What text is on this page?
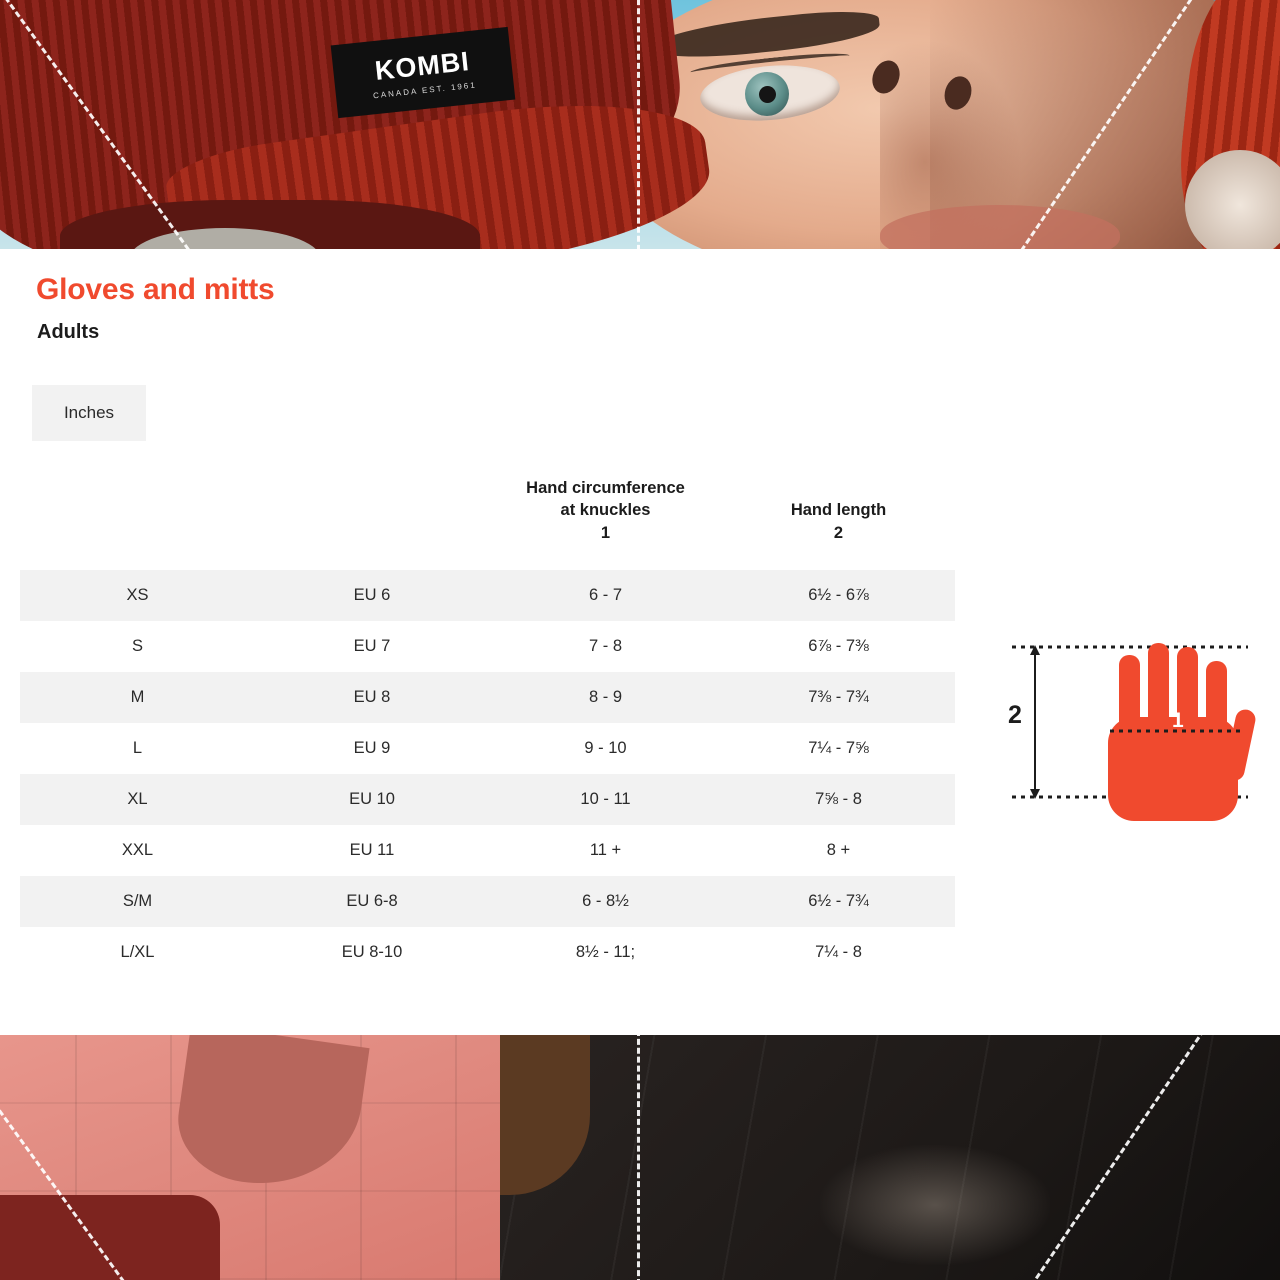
KOMBI
CANADA EST. 1961
Gloves and mitts
Adults
Inches

Hand circumference
at knuckles
1

Hand length
2

XS	EU 6	6 - 7	6½ - 6⅞
S	EU 7	7 - 8	6⅞ - 7⅜
M	EU 8	8 - 9	7⅜ - 7¾
L	EU 9	9 - 10	7¼ - 7⅝
XL	EU 10	10 - 11	7⅝ - 8
XXL	EU 11	11 +	8 +
S/M	EU 6-8	6 - 8½	6½ - 7¾
L/XL	EU 8-10	8½ - 11;	7¼ - 8
2	1
